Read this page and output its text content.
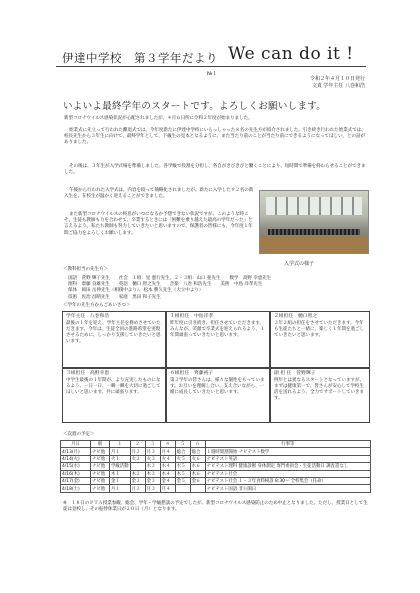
伊達中学校　第３学年だより We can do it !
№１
令和２年４月１０日発行
文責 学年主任 八巻和浩
いよいよ最終学年のスタートです。よろしくお願いします。
新型コロナウイルス感染状況が心配されましたが、４月６日所に令和２年度が始まりました。
始業式に先立って行われた離退式では、今年度新たに伊達中学校にいらっしゃった８名の先生方が紹介されました。引き続き行われた始業式では、校長先生から３年生に向けて、最終学年として、下級生の見本となるように、また当たり前のことが当たり前にできるようになってほしい、との話がありました。
その後は、３年生が入学式場を準備しました。各学級で役割を分担し、各自がきびきびと働くことにより、短時間で準備を終わらせることができました。
午後から行われた入学式は、内容を絞って簡略化されましたが、新たに入学した９２名の新入生を、在校生が温かく迎えることができました。
また新型コロナウイルスの終息がいつになるか予想できない状況ですが、このような時こそ、生徒も教師も力を合わせて、卒業するときには「困難を乗り越えた最高の学年だった」と言えるよう、私たち教師も努力していきたいと思いますので、保護者の皆様にも、今年度１年間ご協力をよろしくお願いします。
入学式の様子
＜教科担当の先生方＞
国語　菅野 輝子先生　　社会　１組：星 憲行先生、２・３組：山口 亜先生　　数学　高野 幸恵先生
理科　齋藤 良雄先生　　英語　樋口 智之先生　　音楽　八巻 和浩先生　　美術　中島 洋孝先生
保体　岡田 岳伸先生（相撲中より）、松本 勝久先生（大立中より）
技術　佐治 昌晴先生　　家庭　黒田 和子先生
＜学年の先生方からごあいさつ＞
学年主任　八巻和浩
最後の１年を迎え、学年主任を務めさせていただきます。今年は、生徒全員の進路希望を実現させるために、しっかり支援していきたいと思います。
１組担任　中島洋孝
昨年度に引き続き、担任させていただきます。みんなが、笑顔で卒業式を迎えられるよう、１年間頑張っていきたいと思います。
２組担任　樋口智之
３年２組の担任をさせていただきます。今年も生徒たちと一緒に、楽しく１年間を過ごしていきたいと思います。
３組担任　高野幸恵
中学生最後の１年間が、より充実したものになるよう、一日一日、一瞬一瞬を大切に過ごしてほしいと思います。共に頑張ります。
６組担任　齊藤裕子
第３学年の皆さんは、様々な個性をもっています。お互いを理解し合い、支え合いながら、一緒に成長していきたいと思います。
副 担 任　菅野輝子
例年とは異なるスタートとなっていますが、まずは健康第一で、皆さんが安心して学校生活を送れるよう、全力でサポートしていきます。
＜次週の予定＞
月日	朝	１	２	３	４	５	６	行事等
4/13(月)	ナビ他	月１	月２	月３	月４	総合	総合	１週時間割開始 ナビテスト数学
4/14(火)	ナビ他	火１	火２	火３	火４	火５	火６	ナビテスト英語
4/15(水)	ナビ他	学級活動		水３	水４	水５	水６	ナビテスト理科 健康診断 身体測定 専門委員会・生徒活動日 調査書なし
4/16(木)	ナビ他	木１	木２	木３	木４	木５	木６	ナビテスト社会
4/17(金)	ナビ他	金１	金２	金３	金４	金５	金６	ナビテスト社会 １・３年食料検診 8:30〜 全校集会（任命）
4/18(土)	ナビ他	月１	月２	月３	月４			ナビテスト国語 非公開日
※　１８日のＰＴＡ授業参観、総会、学年・学級懇談の予定でしたが、新型コロナウイルス感染防止のため中止となりました。ただし、授業日として生徒は登校し、その振替休業日が２０日（月）となります。
